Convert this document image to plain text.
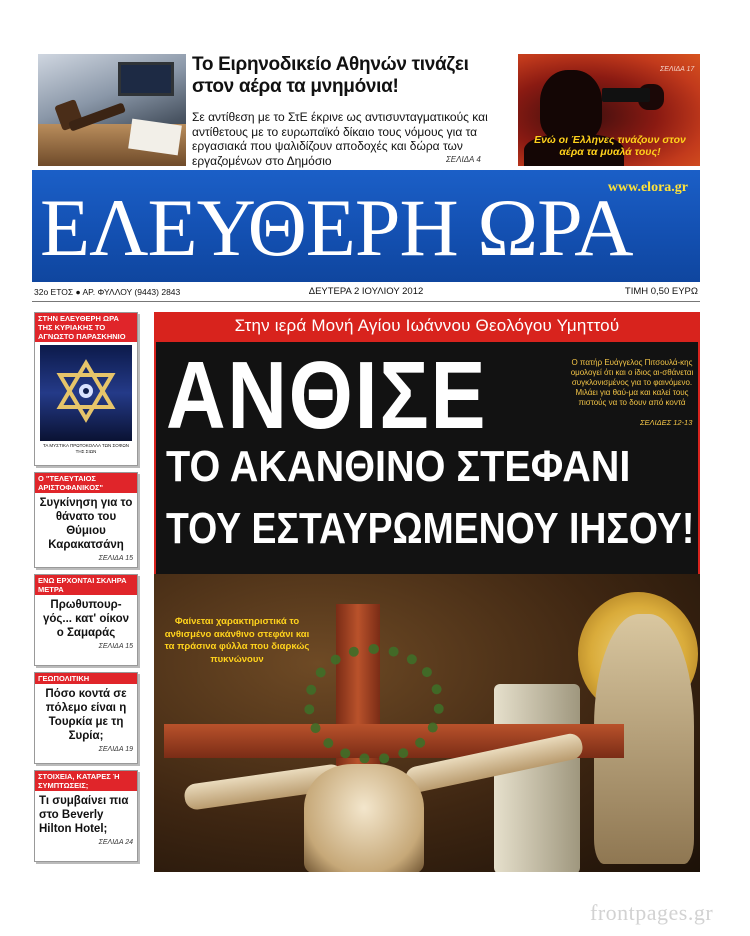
Το Ειρηνοδικείο Αθηνών τινάζει στον αέρα τα μνημόνια!
Σε αντίθεση με το ΣτΕ έκρινε ως αντισυνταγματικούς και αντίθετους με το ευρωπαϊκό δίκαιο τους νόμους για τα εργασιακά που ψαλιδίζουν αποδοχές και δώρα των εργαζομένων στο Δημόσιο	ΣΕΛΙΔΑ 4
ΣΕΛΙΔΑ 17
Ενώ οι Έλληνες τινάζουν στον αέρα τα μυαλά τους!
ΕΛΕΥΘΕΡΗ ΩΡΑ
www.elora.gr
32ο ΕΤΟΣ ● ΑΡ. ΦΥΛΛΟΥ (9443) 2843	ΔΕΥΤΕΡΑ 2 ΙΟΥΛΙΟΥ 2012	ΤΙΜΗ 0,50 ΕΥΡΩ
ΣΤΗΝ ΕΛΕΥΘΕΡΗ ΩΡΑ ΤΗΣ ΚΥΡΙΑΚΗΣ ΤΟ ΑΓΝΩΣΤΟ ΠΑΡΑΣΚΗΝΙΟ
ΤΑ ΜΥΣΤΙΚΑ ΠΡΩΤΟΚΟΛΛΑ ΤΩΝ ΣΟΦΩΝ ΤΗΣ ΣΙΩΝ
Ο "ΤΕΛΕΥΤΑΙΟΣ ΑΡΙΣΤΟΦΑΝΙΚΟΣ"
Συγκίνηση για το θάνατο του Θύμιου Καρακατσάνη
ΣΕΛΙΔΑ 15
ΕΝΩ ΕΡΧΟΝΤΑΙ ΣΚΛΗΡΑ ΜΕΤΡΑ
Πρωθυπουρ-γός... κατ' οίκον ο Σαμαράς
ΣΕΛΙΔΑ 15
ΓΕΩΠΟΛΙΤΙΚΗ
Πόσο κοντά σε πόλεμο είναι η Τουρκία με τη Συρία;
ΣΕΛΙΔΑ 19
ΣΤΟΙΧΕΙΑ, ΚΑΤΑΡΕΣ Ή ΣΥΜΠΤΩΣΕΙΣ;
Τι συμβαίνει πια στο Beverly Hilton Hotel;
ΣΕΛΙΔΑ 24
Στην ιερά Μονή Αγίου Ιωάννου Θεολόγου Υμηττού
ΑΝΘΙΣΕ
ΤΟ ΑΚΑΝΘΙΝΟ ΣΤΕΦΑΝΙ
ΤΟΥ ΕΣΤΑΥΡΩΜΕΝΟΥ ΙΗΣΟΥ!
Ο πατήρ Ευάγγελος Πιτσουλά-κης ομολογεί ότι και ο ίδιος αι-σθάνεται συγκλονισμένος για το φαινόμενο. Μιλάει για θαύ-μα και καλεί τους πιστούς να το δουν από κοντά
ΣΕΛΙΔΕΣ 12-13
Φαίνεται χαρακτηριστικά το ανθισμένο ακάνθινο στεφάνι και τα πράσινα φύλλα που διαρκώς πυκνώνουν
frontpages.gr
